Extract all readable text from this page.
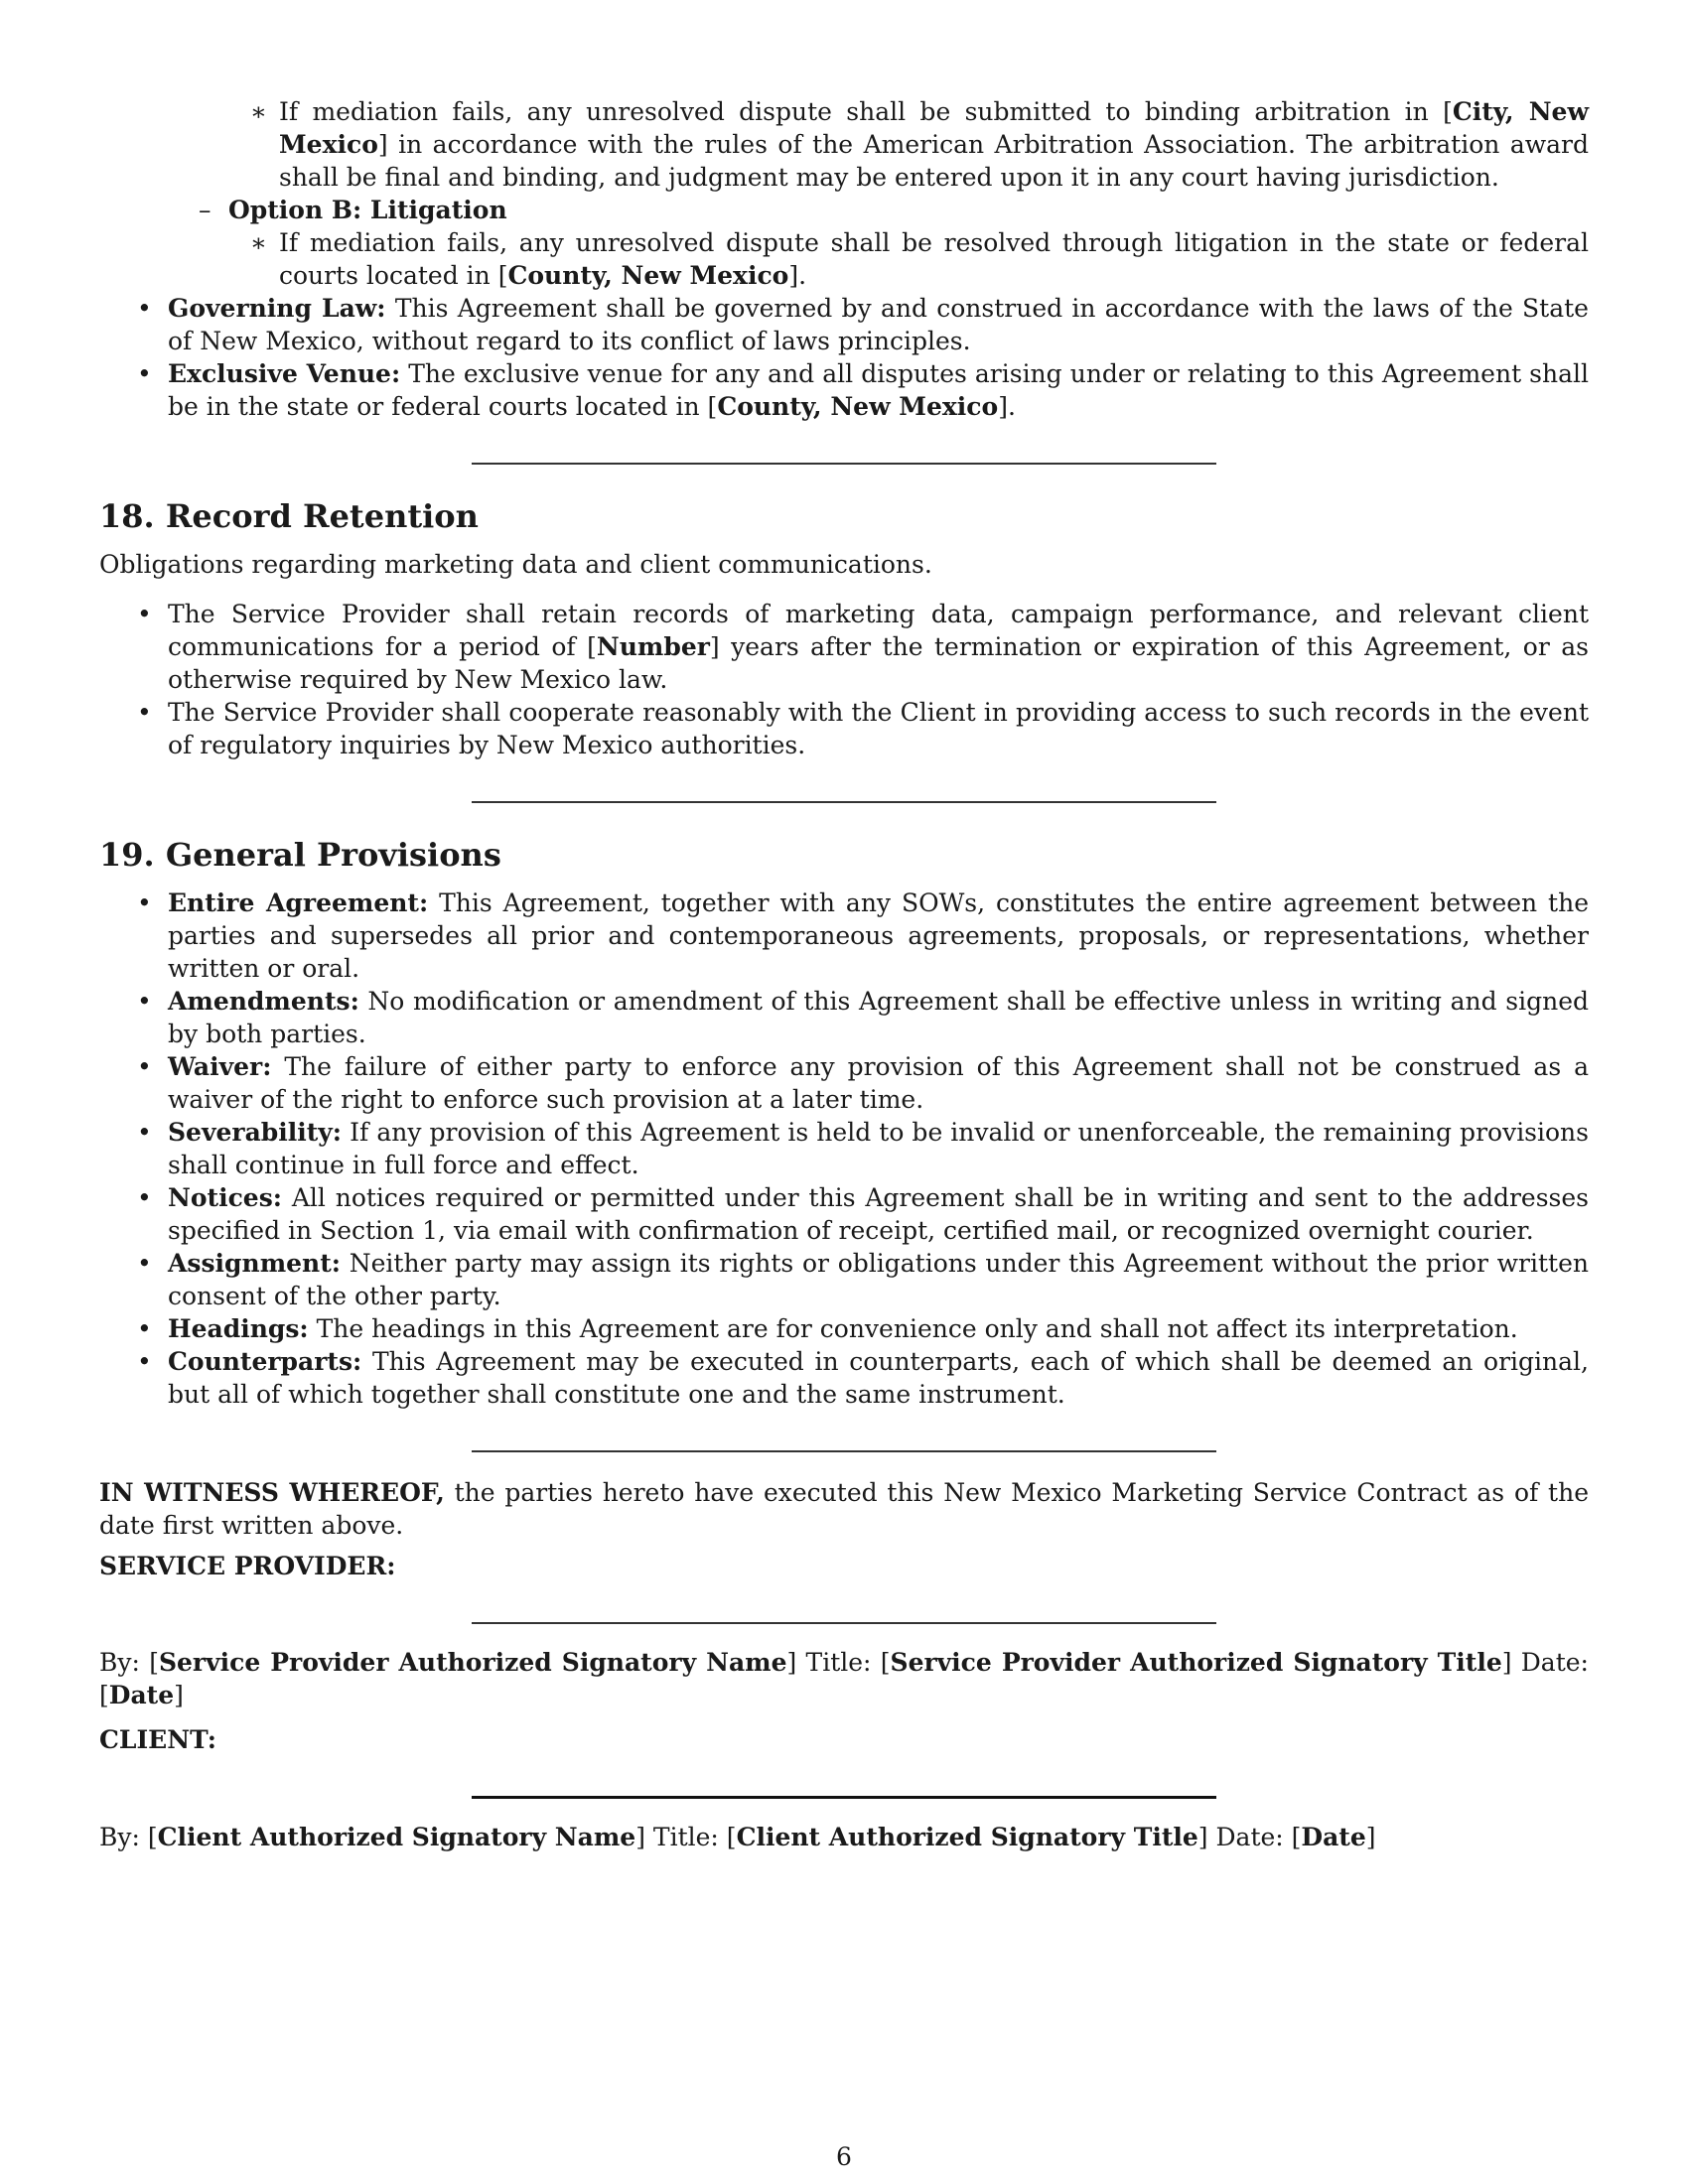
∗ If mediation fails, any unresolved dispute shall be submitted to binding arbitration in [City, New Mexico] in accordance with the rules of the American Arbitration Association. The arbitration award shall be final and binding, and judgment may be entered upon it in any court having jurisdiction.
– Option B: Litigation
∗ If mediation fails, any unresolved dispute shall be resolved through litigation in the state or federal courts located in [County, New Mexico].
• Governing Law: This Agreement shall be governed by and construed in accordance with the laws of the State of New Mexico, without regard to its conflict of laws principles.
• Exclusive Venue: The exclusive venue for any and all disputes arising under or relating to this Agreement shall be in the state or federal courts located in [County, New Mexico].
18. Record Retention

Obligations regarding marketing data and client communications.

• The Service Provider shall retain records of marketing data, campaign performance, and relevant client communications for a period of [Number] years after the termination or expiration of this Agreement, or as otherwise required by New Mexico law.
• The Service Provider shall cooperate reasonably with the Client in providing access to such records in the event of regulatory inquiries by New Mexico authorities.
19. General Provisions
• Entire Agreement: This Agreement, together with any SOWs, constitutes the entire agreement between the parties and supersedes all prior and contemporaneous agreements, proposals, or representations, whether written or oral.
• Amendments: No modification or amendment of this Agreement shall be effective unless in writing and signed by both parties.
• Waiver: The failure of either party to enforce any provision of this Agreement shall not be construed as a waiver of the right to enforce such provision at a later time.
• Severability: If any provision of this Agreement is held to be invalid or unenforceable, the remaining provisions shall continue in full force and effect.
• Notices: All notices required or permitted under this Agreement shall be in writing and sent to the addresses specified in Section 1, via email with confirmation of receipt, certified mail, or recognized overnight courier.
• Assignment: Neither party may assign its rights or obligations under this Agreement without the prior written consent of the other party.
• Headings: The headings in this Agreement are for convenience only and shall not affect its interpretation.
• Counterparts: This Agreement may be executed in counterparts, each of which shall be deemed an original, but all of which together shall constitute one and the same instrument.

IN WITNESS WHEREOF, the parties hereto have executed this New Mexico Marketing Service Contract as of the date first written above.

SERVICE PROVIDER:

By: [Service Provider Authorized Signatory Name] Title: [Service Provider Authorized Signatory Title] Date: [Date]

CLIENT:

By: [Client Authorized Signatory Name] Title: [Client Authorized Signatory Title] Date: [Date]

6
